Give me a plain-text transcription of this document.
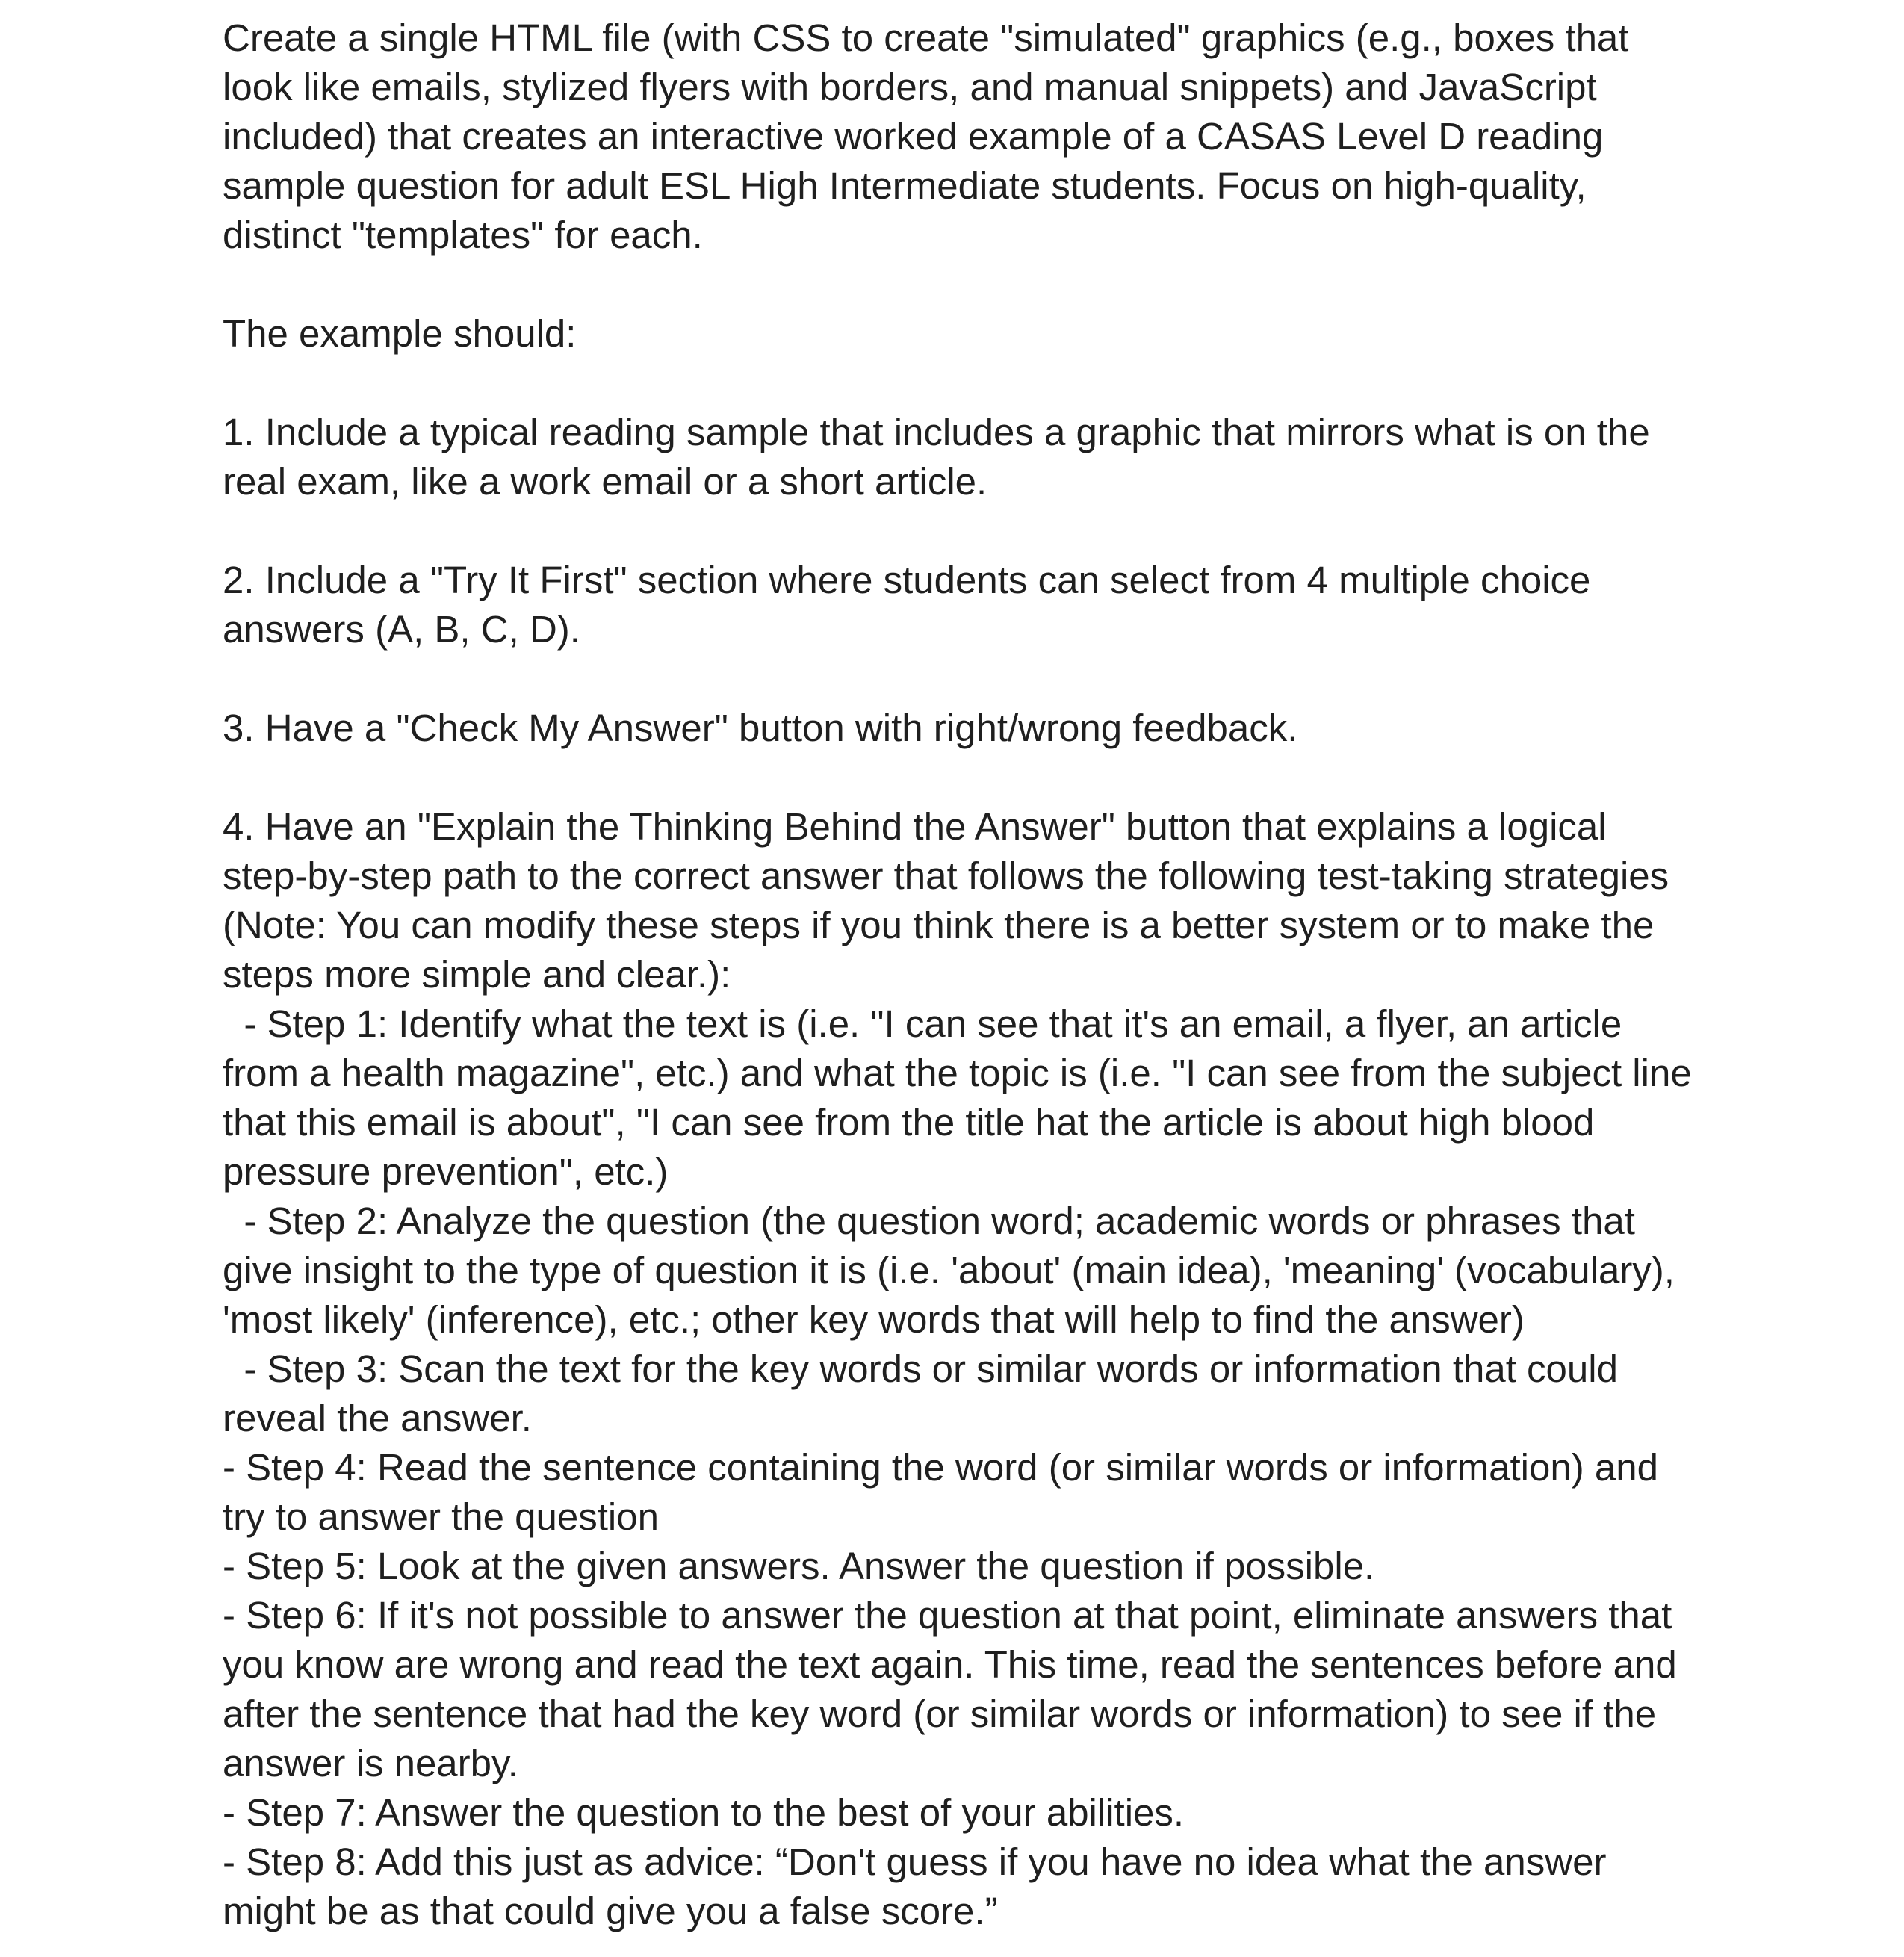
Create a single HTML file (with CSS to create "simulated" graphics (e.g., boxes that
look like emails, stylized flyers with borders, and manual snippets) and JavaScript
included) that creates an interactive worked example of a CASAS Level D reading
sample question for adult ESL High Intermediate students. Focus on high-quality,
distinct "templates" for each.
The example should:
1. Include a typical reading sample that includes a graphic that mirrors what is on the
real exam, like a work email or a short article.
2. Include a "Try It First" section where students can select from 4 multiple choice
answers (A, B, C, D).
3. Have a "Check My Answer" button with right/wrong feedback.
4. Have an "Explain the Thinking Behind the Answer" button that explains a logical
step-by-step path to the correct answer that follows the following test-taking strategies
(Note: You can modify these steps if you think there is a better system or to make the
steps more simple and clear.):
- Step 1: Identify what the text is (i.e. "I can see that it's an email, a flyer, an article
from a health magazine", etc.) and what the topic is (i.e. "I can see from the subject line
that this email is about", "I can see from the title hat the article is about high blood
pressure prevention", etc.)
- Step 2: Analyze the question (the question word; academic words or phrases that
give insight to the type of question it is (i.e. 'about' (main idea), 'meaning' (vocabulary),
'most likely' (inference), etc.; other key words that will help to find the answer)
- Step 3: Scan the text for the key words or similar words or information that could
reveal the answer.
- Step 4: Read the sentence containing the word (or similar words or information) and
try to answer the question
- Step 5: Look at the given answers. Answer the question if possible.
- Step 6: If it's not possible to answer the question at that point, eliminate answers that
you know are wrong and read the text again. This time, read the sentences before and
after the sentence that had the key word (or similar words or information) to see if the
answer is nearby.
- Step 7: Answer the question to the best of your abilities.
- Step 8: Add this just as advice: “Don't guess if you have no idea what the answer
might be as that could give you a false score.”
